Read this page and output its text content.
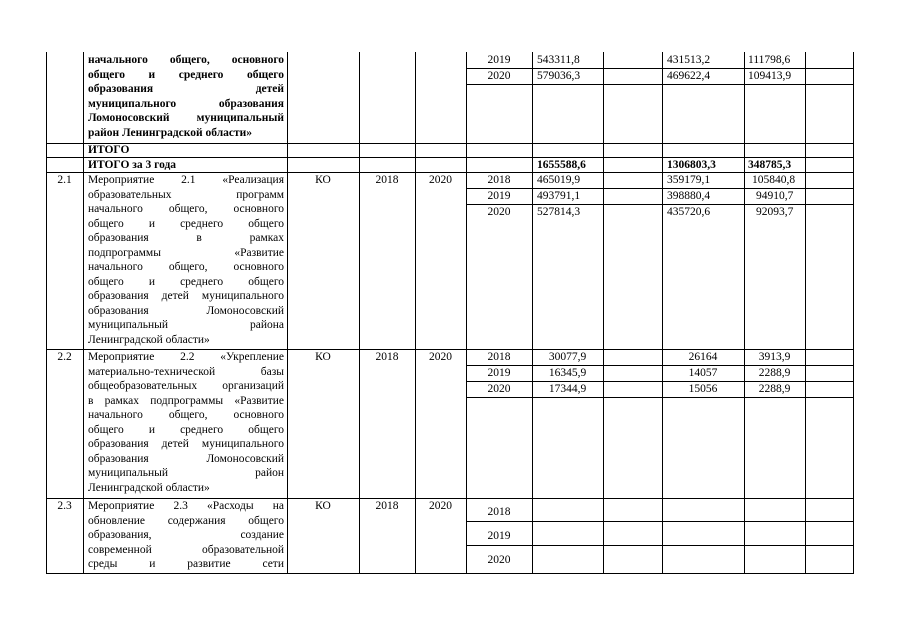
начального общего, основного
общего и среднего общего
образования детей
муниципального образования
Ломоносовский муниципальный
район Ленинградской области»
2019	543311,8	431513,2	111798,6
2020	579036,3	469622,4	109413,9
ИТОГО
ИТОГО за 3 года	1655588,6	1306803,3	348785,3
2.1	Мероприятие 2.1 «Реализация
образовательных программ
начального общего, основного
общего и среднего общего
образования в рамках
подпрограммы «Развитие
начального общего, основного
общего и среднего общего
образования детей муниципального
образования Ломоносовский
муниципальный района
Ленинградской области»
КО	2018	2020	2018	465019,9	359179,1	105840,8
2019	493791,1	398880,4	94910,7
2020	527814,3	435720,6	92093,7
2.2	Мероприятие 2.2 «Укрепление
материально-технической базы
общеобразовательных организаций
в рамках подпрограммы «Развитие
начального общего, основного
общего и среднего общего
образования детей муниципального
образования Ломоносовский
муниципальный район
Ленинградской области»
КО	2018	2020	2018	30077,9	26164	3913,9
2019	16345,9	14057	2288,9
2020	17344,9	15056	2288,9
2.3	Мероприятие 2.3 «Расходы на
обновление содержания общего
образования, создание
современной образовательной
среды и развитие сети
КО	2018	2020	2018
2019
2020
